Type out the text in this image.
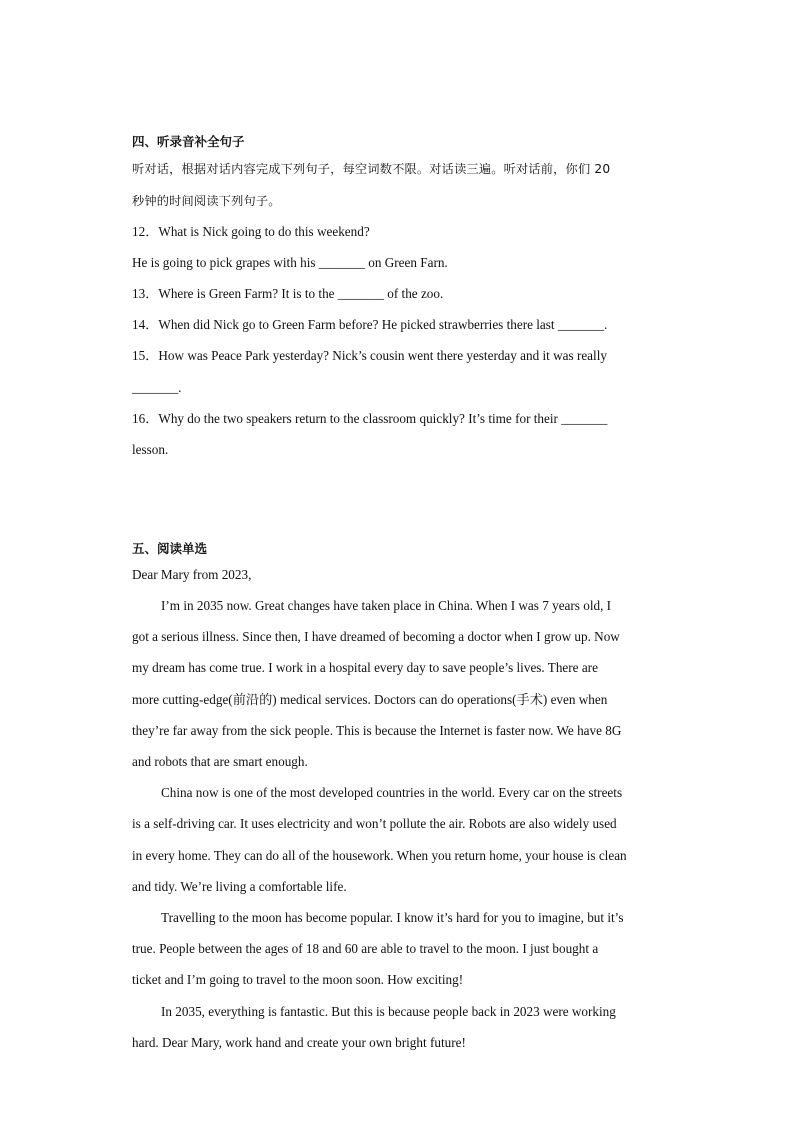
四、听录音补全句子
听对话，根据对话内容完成下列句子，每空词数不限。对话读三遍。听对话前，你们 20
秒钟的时间阅读下列句子。
12．What is Nick going to do this weekend?
He is going to pick grapes with his _______ on Green Farn.
13．Where is Green Farm? It is to the _______ of the zoo.
14．When did Nick go to Green Farm before? He picked strawberries there last _______.
15．How was Peace Park yesterday? Nick’s cousin went there yesterday and it was really
_______.
16．Why do the two speakers return to the classroom quickly? It’s time for their _______
lesson.
五、阅读单选
Dear Mary from 2023,
I’m in 2035 now. Great changes have taken place in China. When I was 7 years old, I
got a serious illness. Since then, I have dreamed of becoming a doctor when I grow up. Now
my dream has come true. I work in a hospital every day to save people’s lives. There are
more cutting-edge(前沿的) medical services. Doctors can do operations(手术) even when
they’re far away from the sick people. This is because the Internet is faster now. We have 8G
and robots that are smart enough.
China now is one of the most developed countries in the world. Every car on the streets
is a self-driving car. It uses electricity and won’t pollute the air. Robots are also widely used
in every home. They can do all of the housework. When you return home, your house is clean
and tidy. We’re living a comfortable life.
Travelling to the moon has become popular. I know it’s hard for you to imagine, but it’s
true. People between the ages of 18 and 60 are able to travel to the moon. I just bought a
ticket and I’m going to travel to the moon soon. How exciting!
In 2035, everything is fantastic. But this is because people back in 2023 were working
hard. Dear Mary, work hand and create your own bright future!
